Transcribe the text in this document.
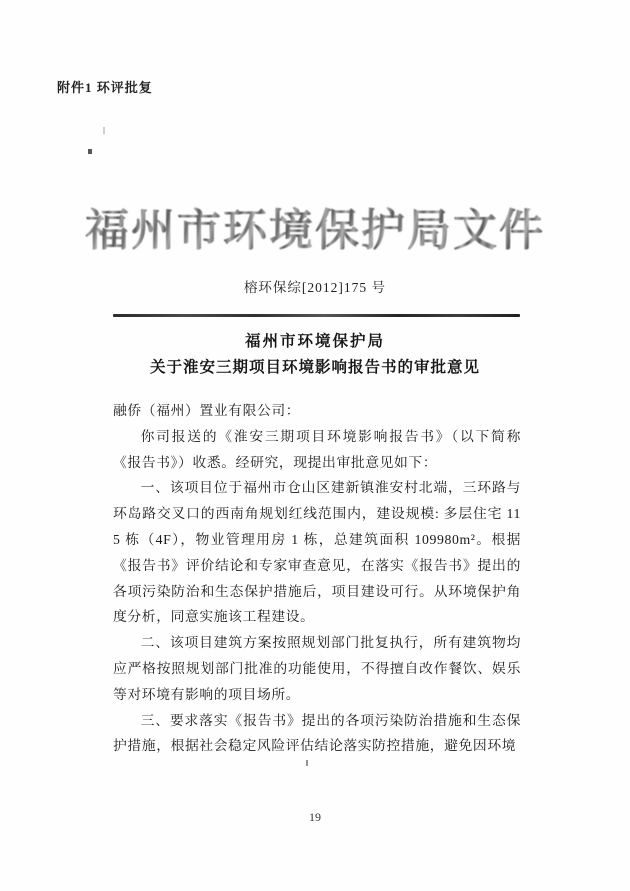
附件1 环评批复
福州市环境保护局文件
榕环保综[2012]175 号
福州市环境保护局
关于淮安三期项目环境影响报告书的审批意见

融侨（福州）置业有限公司：

你司报送的《淮安三期项目环境影响报告书》（以下简称《报告书》）收悉。经研究，现提出审批意见如下：

一、该项目位于福州市仓山区建新镇淮安村北端，三环路与环岛路交叉口的西南角规划红线范围内，建设规模: 多层住宅 115 栋（4F），物业管理用房 1 栋，总建筑面积 109980m²。根据《报告书》评价结论和专家审查意见，在落实《报告书》提出的各项污染防治和生态保护措施后，项目建设可行。从环境保护角度分析，同意实施该工程建设。

二、该项目建筑方案按照规划部门批复执行，所有建筑物均应严格按照规划部门批准的功能使用，不得擅自改作餐饮、娱乐等对环境有影响的项目场所。

三、要求落实《报告书》提出的各项污染防治措施和生态保护措施，根据社会稳定风险评估结论落实防控措施，避免因环境

19
